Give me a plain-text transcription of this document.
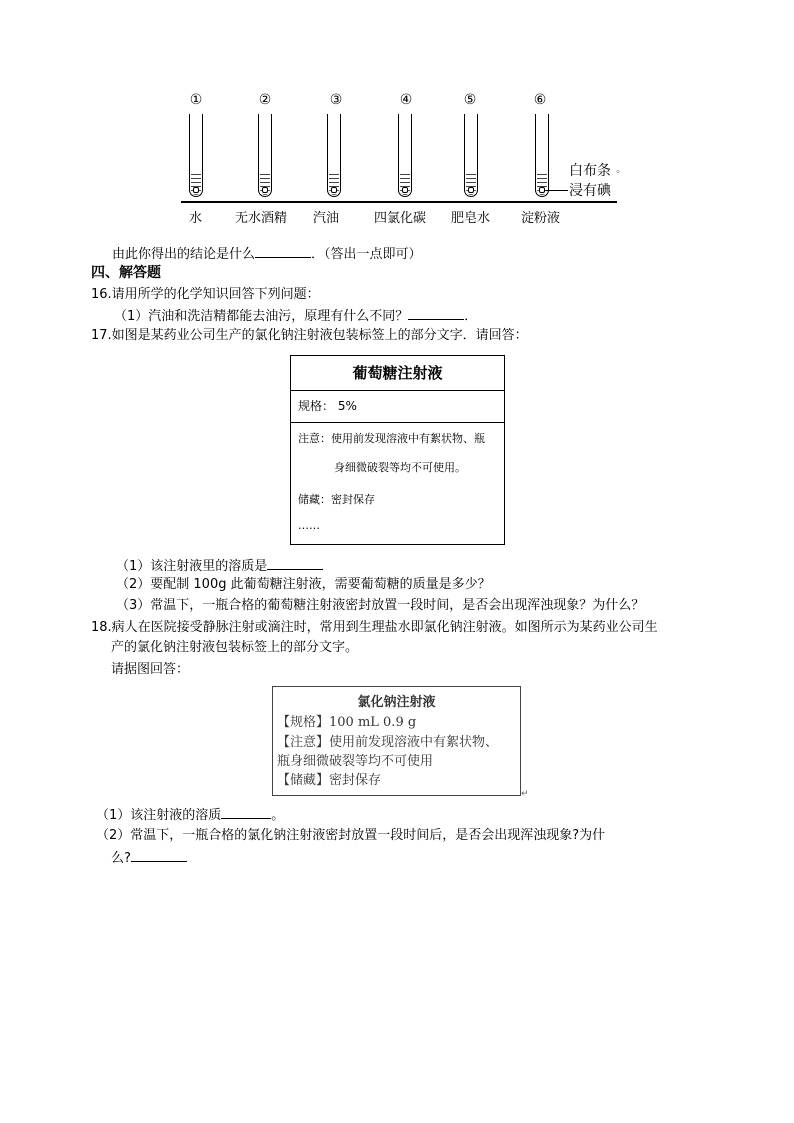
①	②	③	④	⑤	⑥
白布条 ◦
浸有碘
水	无水酒精 汽油	四氯化碳 肥皂水 淀粉液
由此你得出的结论是什么	．（答出一点即可）
四、解答题
16.请用所学的化学知识回答下列问题：
（1）汽油和洗洁精都能去油污，原理有什么不同？	．
17.如图是某药业公司生产的氯化钠注射液包装标签上的部分文字．请回答：
葡萄糖注射液
规格： 5%
注意：使用前发现溶液中有絮状物、瓶
身细微破裂等均不可使用。
储藏：密封保存
……
（1）该注射液里的溶质是
（2）要配制 100g 此葡萄糖注射液，需要葡萄糖的质量是多少？
（3）常温下，一瓶合格的葡萄糖注射液密封放置一段时间，是否会出现浑浊现象？为什么？
18.病人在医院接受静脉注射或滴注时，常用到生理盐水即氯化钠注射液。如图所示为某药业公司生
产的氯化钠注射液包装标签上的部分文字。
请据图回答：
氯化钠注射液
【规格】100 mL 0.9 g
【注意】使用前发现溶液中有絮状物、
瓶身细微破裂等均不可使用
【储藏】密封保存
↵
（1）该注射液的溶质	。
（2）常温下，一瓶合格的氯化钠注射液密封放置一段时间后，是否会出现浑浊现象?为什
么?
